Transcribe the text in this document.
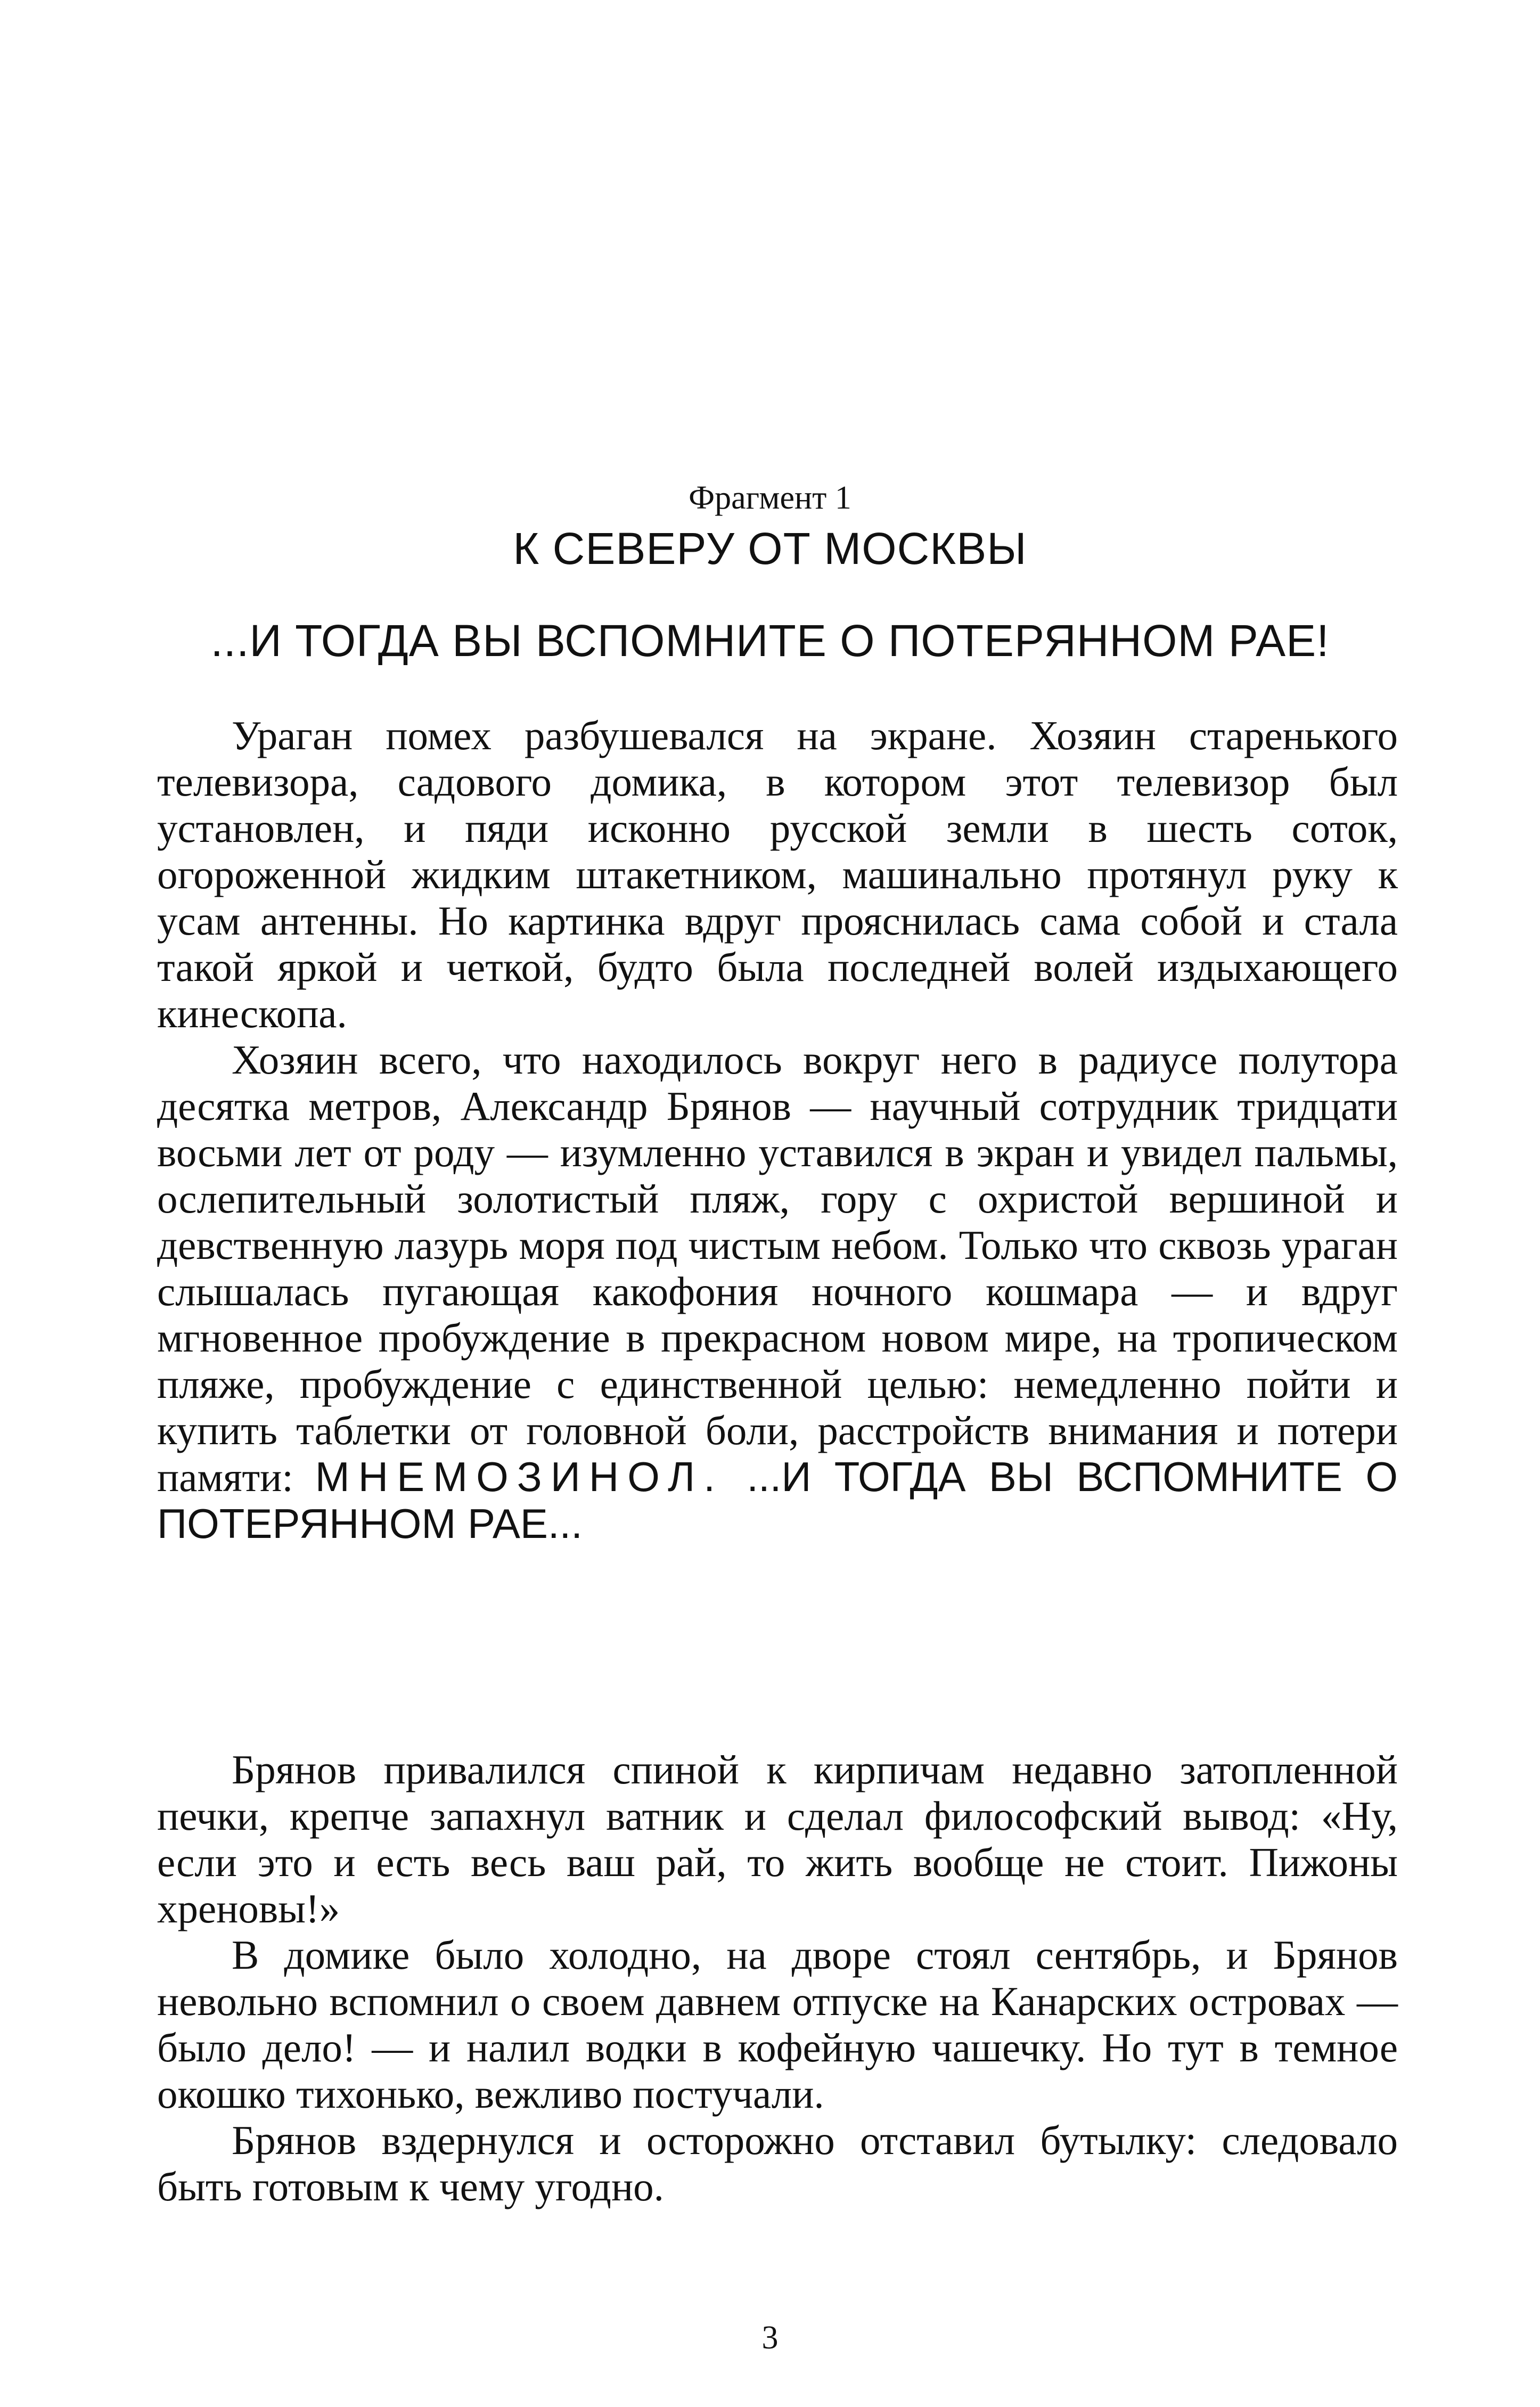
Фрагмент 1
К СЕВЕРУ ОТ МОСКВЫ
...И ТОГДА ВЫ ВСПОМНИТЕ О ПОТЕРЯННОМ РАЕ!

Ураган помех разбушевался на экране. Хозяин старенького телевизора, садового домика, в котором этот телевизор был установлен, и пяди исконно русской земли в шесть соток, огороженной жидким штакетником, машинально протянул руку к усам антенны. Но картинка вдруг прояснилась сама собой и стала такой яркой и четкой, будто была последней волей издыхающего кинескопа.

Хозяин всего, что находилось вокруг него в радиусе полутора десятка метров, Александр Брянов — научный сотрудник тридцати восьми лет от роду — изумленно уставился в экран и увидел пальмы, ослепительный золотистый пляж, гору с охристой вершиной и девственную лазурь моря под чистым небом. Только что сквозь ураган слышалась пугающая какофония ночного кошмара — и вдруг мгновенное пробуждение в прекрасном новом мире, на тропическом пляже, пробуждение с единственной целью: немедленно пойти и купить таблетки от головной боли, расстройств внимания и потери памяти: МНЕМОЗИНОЛ. ...И ТОГДА ВЫ ВСПОМНИТЕ О ПОТЕРЯННОМ РАЕ...

Брянов привалился спиной к кирпичам недавно затопленной печки, крепче запахнул ватник и сделал философский вывод: «Ну, если это и есть весь ваш рай, то жить вообще не стоит. Пижоны хреновы!»

В домике было холодно, на дворе стоял сентябрь, и Брянов невольно вспомнил о своем давнем отпуске на Канарских островах — было дело! — и налил водки в кофейную чашечку. Но тут в темное окошко тихонько, вежливо постучали.

Брянов вздернулся и осторожно отставил бутылку: следовало быть готовым к чему угодно.

3
